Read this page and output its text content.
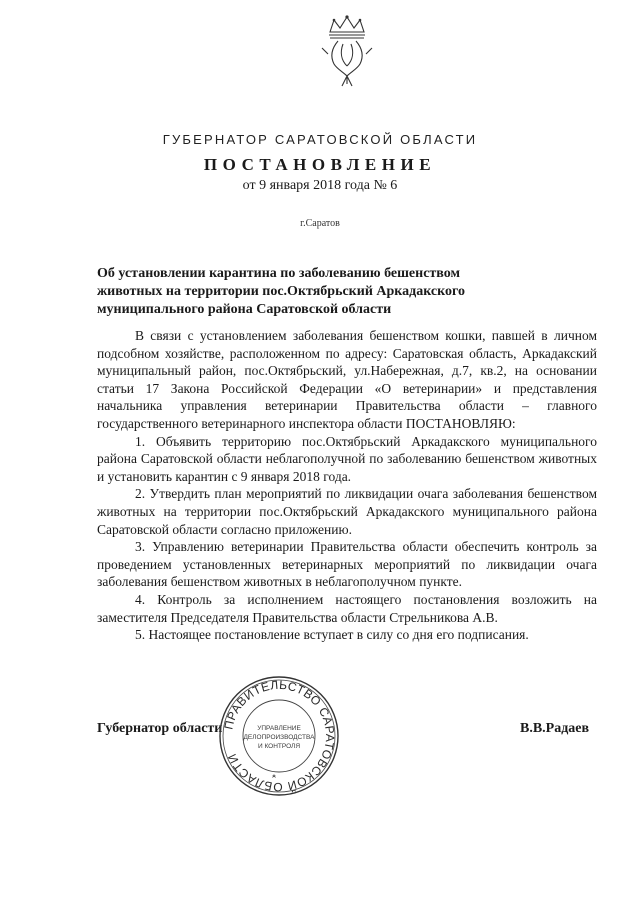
ГУБЕРНАТОР САРАТОВСКОЙ ОБЛАСТИ
ПОСТАНОВЛЕНИЕ
от 9 января 2018 года № 6
г.Саратов
Об установлении карантина по заболеванию бешенством
животных на территории пос.Октябрьский Аркадакского
муниципального района Саратовской области

В связи с установлением заболевания бешенством кошки, павшей в личном подсобном хозяйстве, расположенном по адресу: Саратовская область, Аркадакский муниципальный район, пос.Октябрьский, ул.Набережная, д.7, кв.2, на основании статьи 17 Закона Российской Федерации «О ветеринарии» и представления начальника управления ветеринарии Правительства области – главного государственного ветеринарного инспектора области ПОСТАНОВЛЯЮ:

1. Объявить территорию пос.Октябрьский Аркадакского муниципального района Саратовской области неблагополучной по заболеванию бешенством животных и установить карантин с 9 января 2018 года.

2. Утвердить план мероприятий по ликвидации очага заболевания бешенством животных на территории пос.Октябрьский Аркадакского муниципального района Саратовской области согласно приложению.

3. Управлению ветеринарии Правительства области обеспечить контроль за проведением установленных ветеринарных мероприятий по ликвидации очага заболевания бешенством животных в неблагополучном пункте.

4. Контроль за исполнением настоящего постановления возложить на заместителя Председателя Правительства области Стрельникова А.В.

5. Настоящее постановление вступает в силу со дня его подписания.

Губернатор области	В.В.Радаев
ПРАВИТЕЛЬСТВО САРАТОВСКОЙ ОБЛАСТИ
УПРАВЛЕНИЕ
ДЕЛОПРОИЗВОДСТВА
И КОНТРОЛЯ
